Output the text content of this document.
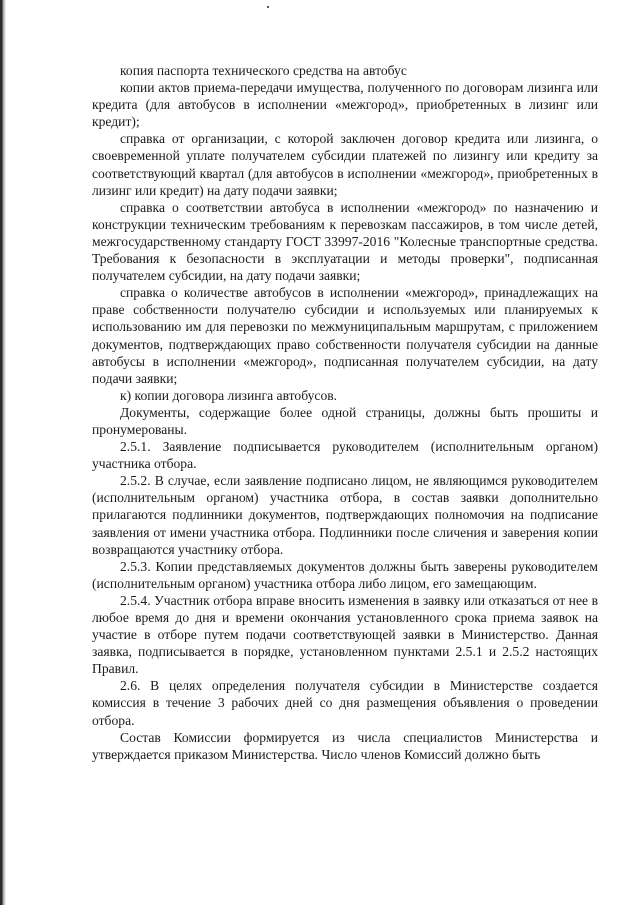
копия паспорта технического средства на автобус

копии актов приема-передачи имущества, полученного по договорам лизинга или кредита (для автобусов в исполнении «межгород», приобретенных в лизинг или кредит);

справка от организации, с которой заключен договор кредита или лизинга, о своевременной уплате получателем субсидии платежей по лизингу или кредиту за соответствующий квартал (для автобусов в исполнении «межгород», приобретенных в лизинг или кредит) на дату подачи заявки;

справка о соответствии автобуса в исполнении «межгород» по назначению и конструкции техническим требованиям к перевозкам пассажиров, в том числе детей, межгосударственному стандарту ГОСТ 33997-2016 "Колесные транспортные средства. Требования к безопасности в эксплуатации и методы проверки", подписанная получателем субсидии, на дату подачи заявки;

справка о количестве автобусов в исполнении «межгород», принадлежащих на праве собственности получателю субсидии и используемых или планируемых к использованию им для перевозки по межмуниципальным маршрутам, с приложением документов, подтверждающих право собственности получателя субсидии на данные автобусы в исполнении «межгород», подписанная получателем субсидии, на дату подачи заявки;

к) копии договора лизинга автобусов.

Документы, содержащие более одной страницы, должны быть прошиты и пронумерованы.

2.5.1. Заявление подписывается руководителем (исполнительным органом) участника отбора.

2.5.2. В случае, если заявление подписано лицом, не являющимся руководителем (исполнительным органом) участника отбора, в состав заявки дополнительно прилагаются подлинники документов, подтверждающих полномочия на подписание заявления от имени участника отбора. Подлинники после сличения и заверения копии возвращаются участнику отбора.

2.5.3. Копии представляемых документов должны быть заверены руководителем (исполнительным органом) участника отбора либо лицом, его замещающим.

2.5.4. Участник отбора вправе вносить изменения в заявку или отказаться от нее в любое время до дня и времени окончания установленного срока приема заявок на участие в отборе путем подачи соответствующей заявки в Министерство. Данная заявка, подписывается в порядке, установленном пунктами 2.5.1 и 2.5.2 настоящих Правил.

2.6. В целях определения получателя субсидии в Министерстве создается комиссия в течение 3 рабочих дней со дня размещения объявления о проведении отбора.

Состав Комиссии формируется из числа специалистов Министерства и утверждается приказом Министерства. Число членов Комиссий должно быть
